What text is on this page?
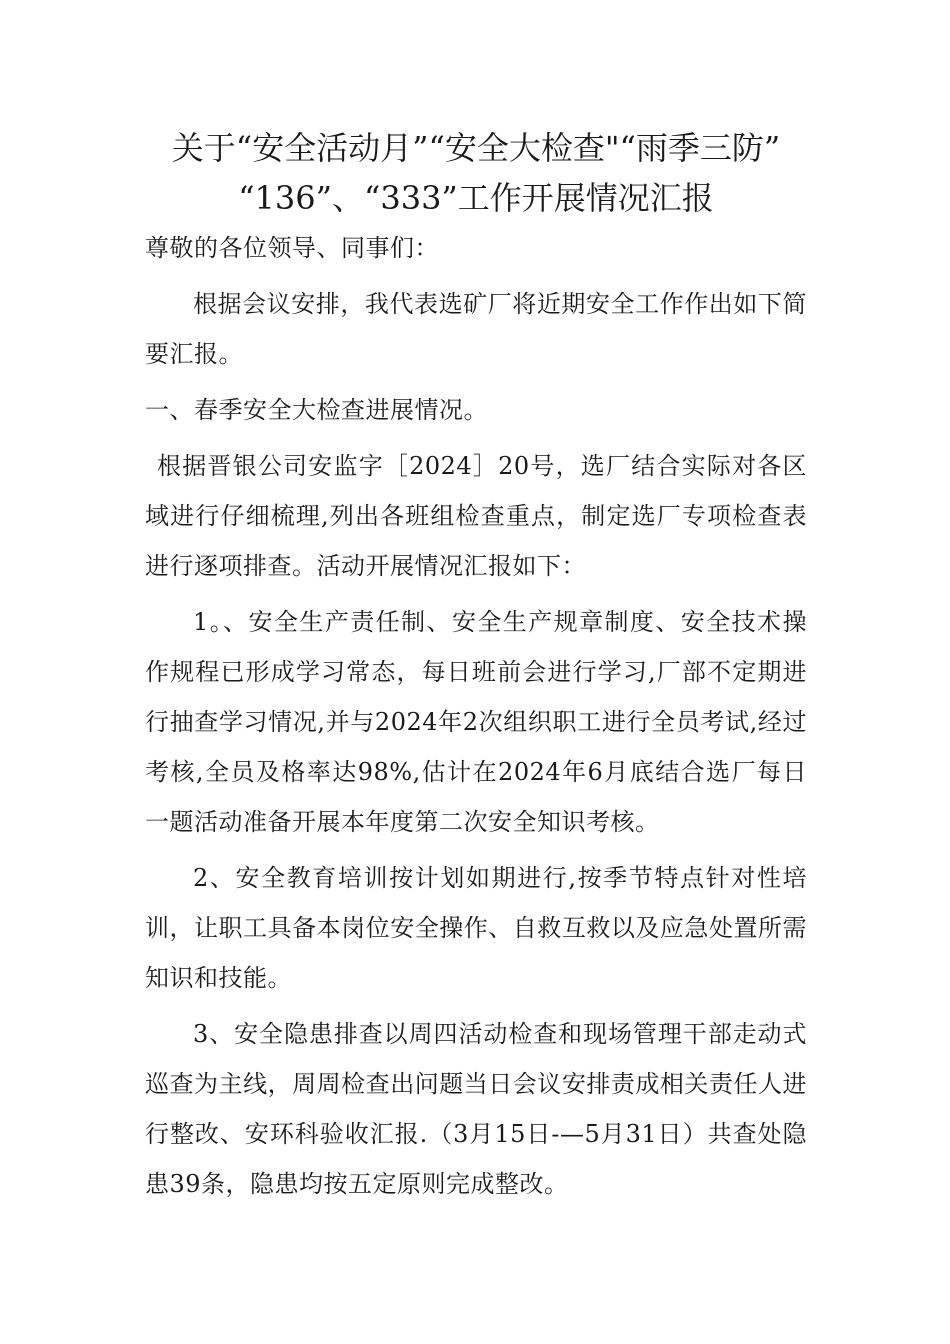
关于“安全活动月”“安全大检查"“雨季三防”
“136”、“333”工作开展情况汇报

尊敬的各位领导、同事们：

根据会议安排，我代表选矿厂将近期安全工作作出如下简要汇报。

一、春季安全大检查进展情况。

根据晋银公司安监字［2024］20号，选厂结合实际对各区域进行仔细梳理,列出各班组检查重点，制定选厂专项检查表进行逐项排查。活动开展情况汇报如下：

1。、安全生产责任制、安全生产规章制度、安全技术操作规程已形成学习常态，每日班前会进行学习,厂部不定期进行抽查学习情况,并与2024年2次组织职工进行全员考试,经过考核,全员及格率达98%,估计在2024年6月底结合选厂每日一题活动准备开展本年度第二次安全知识考核。

2、安全教育培训按计划如期进行,按季节特点针对性培训，让职工具备本岗位安全操作、自救互救以及应急处置所需知识和技能。

3、安全隐患排查以周四活动检查和现场管理干部走动式巡查为主线，周周检查出问题当日会议安排责成相关责任人进行整改、安环科验收汇报.（3月15日-—5月31日）共查处隐患39条，隐患均按五定原则完成整改。
